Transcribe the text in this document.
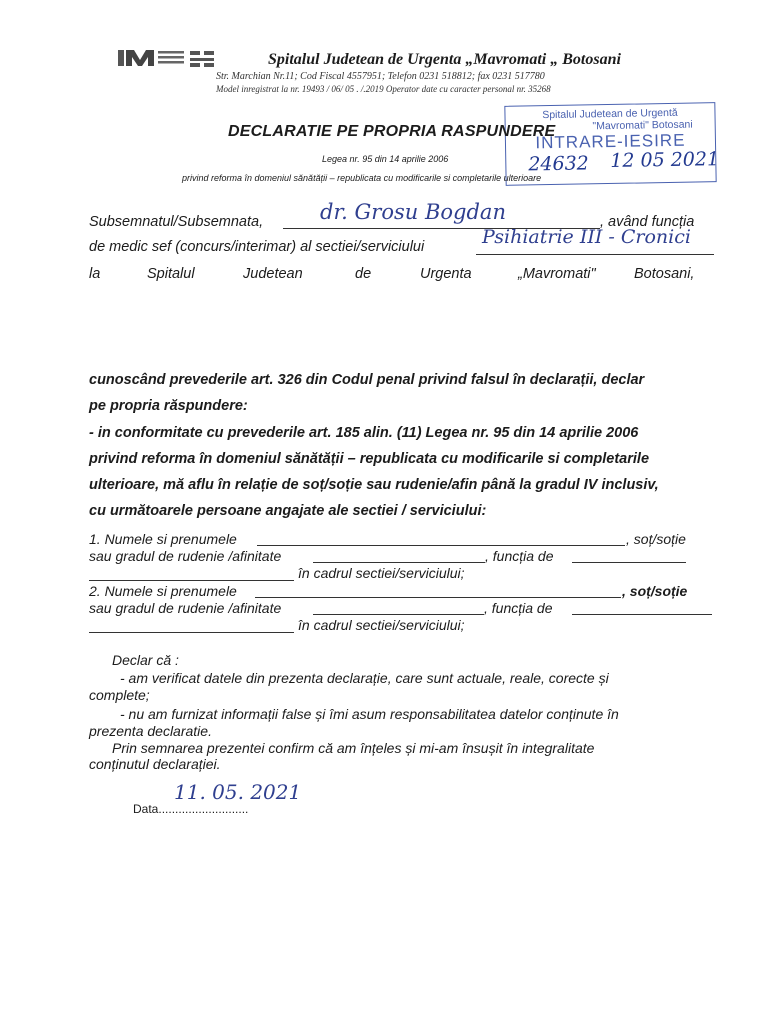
MS
Spitalul Judetean de Urgenta „Mavromati „ Botosani
Str. Marchian Nr.11; Cod Fiscal 4557951; Telefon 0231 518812; fax 0231 517780
Model inregistrat la nr. 19493 / 06/ 05 . /.2019 Operator date cu caracter personal nr. 35268
Spitalul Judetean de Urgentă
"Mavromati" Botosani
INTRARE-IESIRE
24632 12 05 2021
DECLARATIE PE PROPRIA RASPUNDERE
Legea nr. 95 din 14 aprilie 2006
privind reforma în domeniul sănătății – republicata cu modificarile si completarile ulterioare
Subsemnatul/Subsemnata,	dr. Grosu Bogdan	, având funcția
de medic sef (concurs/interimar) al sectiei/serviciului	Psihiatrie III - Cronici
la	Spitalul	Judetean	de	Urgenta	„Mavromati"	Botosani,
cunoscând prevederile art. 326 din Codul penal privind falsul în declarații, declar
pe propria răspundere:
- in conformitate cu prevederile art. 185 alin. (11) Legea nr. 95 din 14 aprilie 2006
privind reforma în domeniul sănătății – republicata cu modificarile si completarile
ulterioare, mă aflu în relație de soț/soție sau rudenie/afin până la gradul IV inclusiv,
cu următoarele persoane angajate ale sectiei / serviciului:
1. Numele si prenumele	, soț/soție
sau gradul de rudenie /afinitate	, funcția de
în cadrul sectiei/serviciului;
2. Numele si prenumele	, soț/soție
sau gradul de rudenie /afinitate	, funcția de
în cadrul sectiei/serviciului;
Declar că :
- am verificat datele din prezenta declarație, care sunt actuale, reale, corecte și
complete;
- nu am furnizat informații false și îmi asum responsabilitatea datelor conținute în
prezenta declaratie.
Prin semnarea prezentei confirm că am înțeles și mi-am însușit în integralitate
conținutul declarației.
Data...........................
11. 05. 2021
